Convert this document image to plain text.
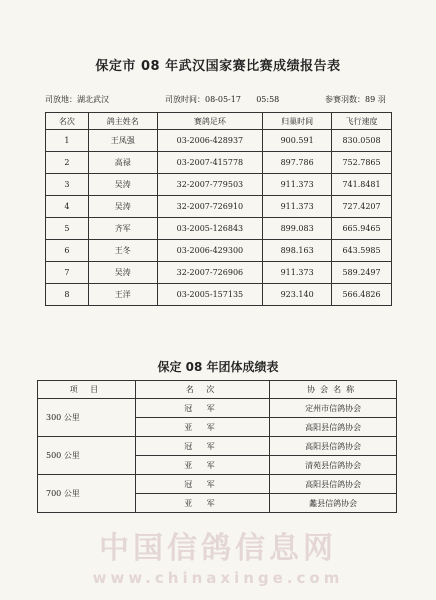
保定市 08 年武汉国家赛比赛成绩报告表
司放地：湖北武汉	司放时间：08-05-17      05:58	参赛羽数：89 羽
名次	鸽主姓名	赛鸽足环	归巢时间	飞行速度
1	王凤强	03-2006-428937	900.591	830.0508
2	高禄	03-2007-415778	897.786	752.7865
3	吴涛	32-2007-779503	911.373	741.8481
4	吴涛	32-2007-726910	911.373	727.4207
5	齐军	03-2005-126843	899.083	665.9465
6	王冬	03-2006-429300	898.163	643.5985
7	吴涛	32-2007-726906	911.373	589.2497
8	王洋	03-2005-157135	923.140	566.4826
保定 08 年团体成绩表
项 目	名 次	协会名称
300 公里	冠 军	定州市信鸽协会
	亚 军	高阳县信鸽协会
500 公里	冠 军	高阳县信鸽协会
	亚 军	清苑县信鸽协会
700 公里	冠 军	高阳县信鸽协会
	亚 军	蠡县信鸽协会
中国信鸽信息网
www.chinaxinge.com
